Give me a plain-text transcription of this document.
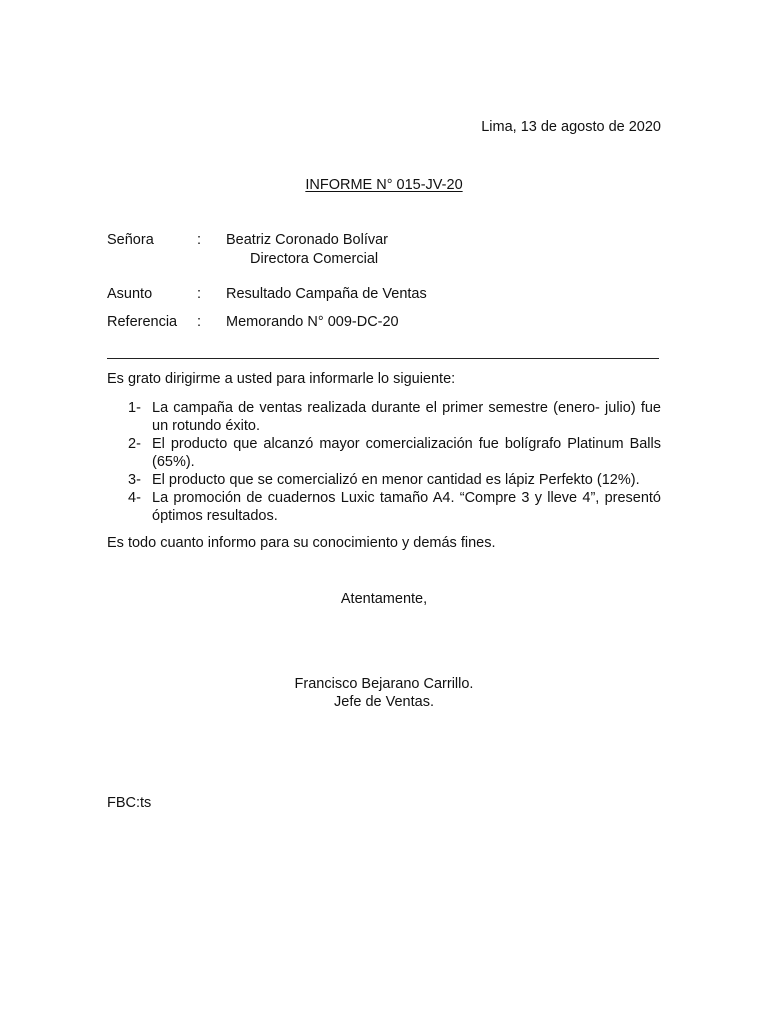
Lima, 13 de agosto de 2020
INFORME N° 015-JV-20
Señora	: Beatriz Coronado Bolívar
Directora Comercial
Asunto	: Resultado Campaña de Ventas
Referencia : Memorando N° 009-DC-20
Es grato dirigirme a usted para informarle lo siguiente:
1- La campaña de ventas realizada durante el primer semestre (enero- julio) fue un rotundo éxito.
2- El producto que alcanzó mayor comercialización fue bolígrafo Platinum Balls (65%).
3- El producto que se comercializó en menor cantidad es lápiz Perfekto (12%).
4- La promoción de cuadernos Luxic tamaño A4. “Compre 3 y lleve 4”, presentó óptimos resultados.
Es todo cuanto informo para su conocimiento y demás fines.
Atentamente,
Francisco Bejarano Carrillo.
Jefe de Ventas.
FBC:ts
